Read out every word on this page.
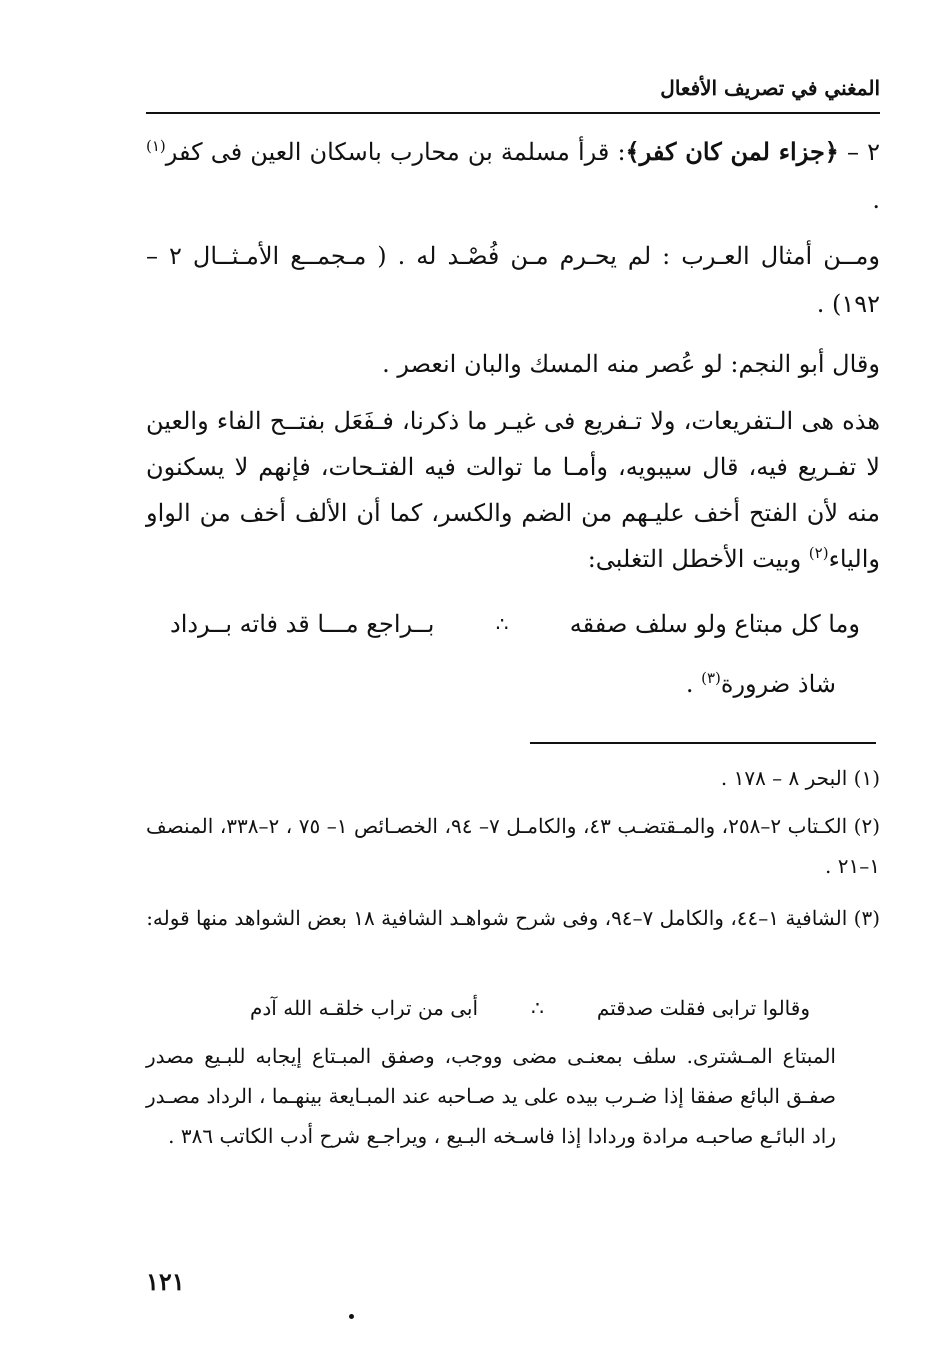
المغني في تصريف الأفعال
٢ – ﴿جزاء لمن كان كفر﴾: قرأ مسلمة بن محارب باسكان العين فى كفر$^{(١)}$ .
ومــن أمثال العـرب : لم يحـرم مـن فُصْـد له . ( مـجمــع الأمـثــال ٢ – ١٩٢) .
وقال أبو النجم: لو عُصر منه المسك والبان انعصر .
هذه هى الـتفريعات، ولا تـفريع فى غيـر ما ذكرنا، فـفَعَل بفتــح الفاء والعين لا تفـريع فيه، قال سيبويه، وأمـا ما توالت فيه الفتـحات، فإنهم لا يسكنون منه لأن الفتح أخف عليـهم من الضم والكسر، كما أن الألف أخف من الواو والياء$^{(٢)}$ وبيت الأخطل التغلبى:
وما كل مبتاع ولو سلف صفقه
∴
بــراجع مـــا قد فاته بــرداد
شاذ ضرورة$^{(٣)}$ .
(١) البحر ٨ – ١٧٨ .
(٢) الكـتاب ٢–٢٥٨، والمـقتضـب ٤٣، والكامـل ٧– ٩٤، الخصـائص ١– ٧٥ ، ٢–٣٣٨، المنصف ١–٢١ .
(٣) الشافية ١–٤٤، والكامل ٧–٩٤، وفى شرح شواهـد الشافية ١٨ بعض الشواهد منها قوله:
وقالوا ترابى فقلت صدقتم
∴
أبى من تراب خلقـه الله آدم
المبتاع المـشترى. سلف بمعنـى مضى ووجب، وصفق المبـتاع إيجابه للبـيع مصدر صفـق البائع صفقا إذا ضـرب بيده على يد صـاحبه عند المبـايعة بينهـما ، الرداد مصـدر راد البائـع صاحبـه مرادة وردادا إذا فاسـخه البـيع ، ويراجـع شرح أدب الكاتب ٣٨٦ .
١٢١
